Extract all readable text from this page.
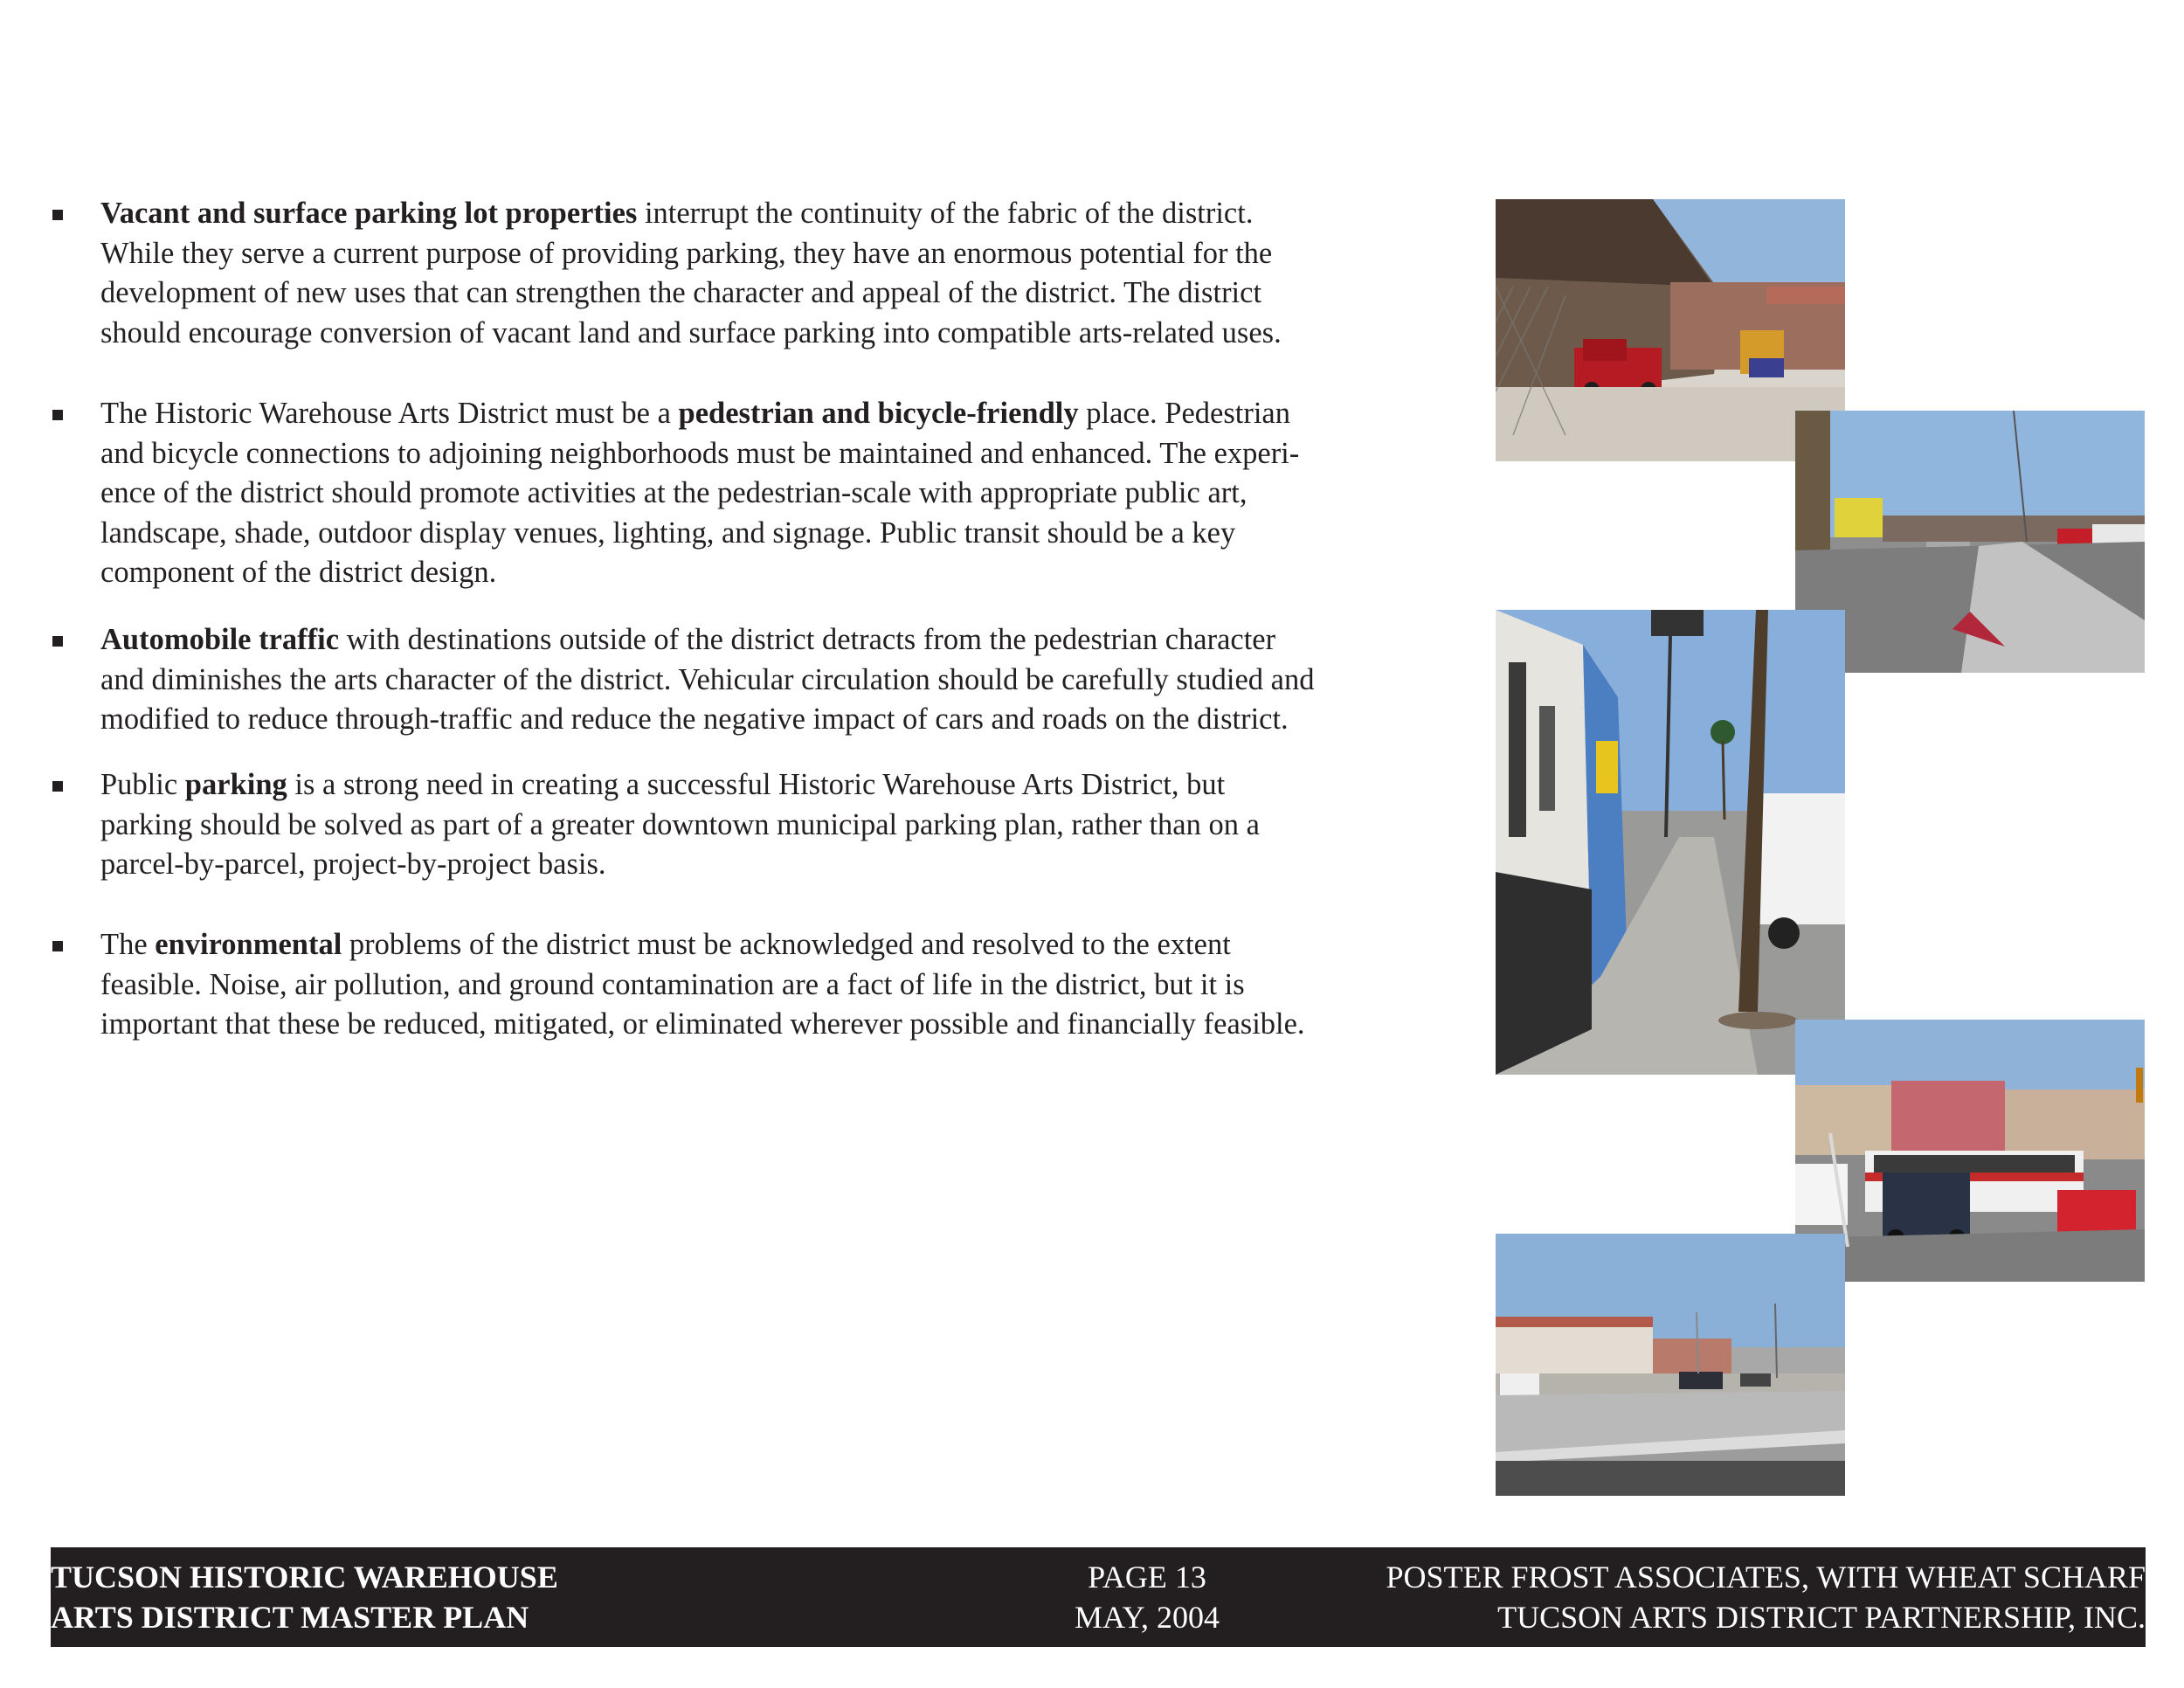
Vacant and surface parking lot properties interrupt the continuity of the fabric of the district.
While they serve a current purpose of providing parking, they have an enormous potential for the
development of new uses that can strengthen the character and appeal of the district. The district
should encourage conversion of vacant land and surface parking into compatible arts-related uses.

The Historic Warehouse Arts District must be a pedestrian and bicycle-friendly place. Pedestrian
and bicycle connections to adjoining neighborhoods must be maintained and enhanced. The experi-
ence of the district should promote activities at the pedestrian-scale with appropriate public art,
landscape, shade, outdoor display venues, lighting, and signage. Public transit should be a key
component of the district design.

Automobile traffic with destinations outside of the district detracts from the pedestrian character
and diminishes the arts character of the district. Vehicular circulation should be carefully studied and
modified to reduce through-traffic and reduce the negative impact of cars and roads on the district.

Public parking is a strong need in creating a successful Historic Warehouse Arts District, but
parking should be solved as part of a greater downtown municipal parking plan, rather than on a
parcel-by-parcel, project-by-project basis.

The environmental problems of the district must be acknowledged and resolved to the extent
feasible. Noise, air pollution, and ground contamination are a fact of life in the district, but it is
important that these be reduced, mitigated, or eliminated wherever possible and financially feasible.

TUCSON HISTORIC WAREHOUSE
ARTS DISTRICT MASTER PLAN
PAGE 13
MAY, 2004
POSTER FROST ASSOCIATES, WITH WHEAT SCHARF
TUCSON ARTS DISTRICT PARTNERSHIP, INC.
